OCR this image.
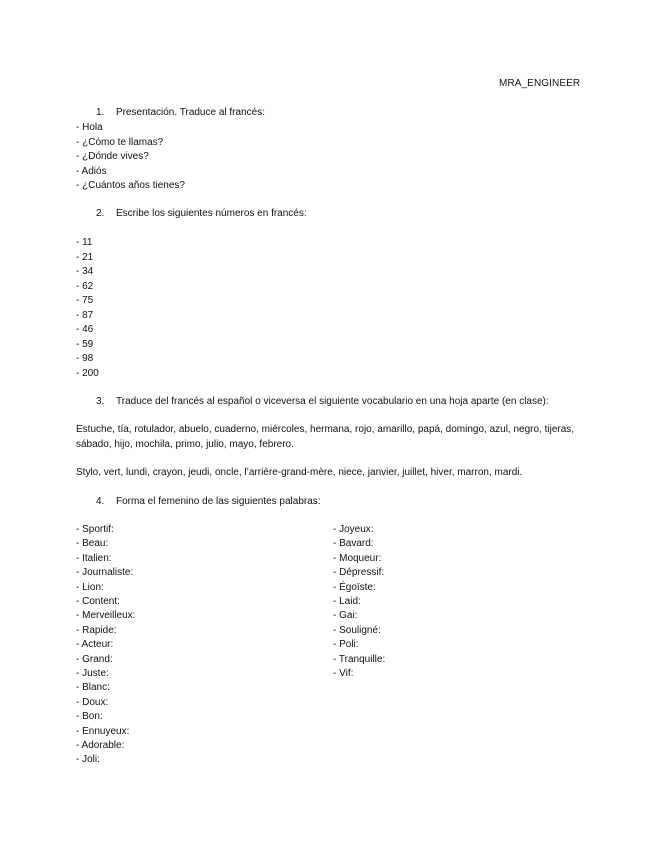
MRA_ENGINEER
1. Presentación. Traduce al francés:
- Hola
- ¿Cómo te llamas?
- ¿Dónde vives?
- Adiós
- ¿Cuántos años tienes?
2. Escribe los siguientes números en francés:
- 11
- 21
- 34
- 62
- 75
- 87
- 46
- 59
- 98
- 200
3. Traduce del francés al español o viceversa el siguiente vocabulario en una hoja aparte (en clase):
Estuche, tía, rotulador, abuelo, cuaderno, miércoles, hermana, rojo, amarillo, papá, domingo, azul, negro, tijeras, sábado, hijo, mochila, primo, julio, mayo, febrero.
Stylo, vert, lundi, crayon, jeudi, oncle, l’arrière-grand-mère, niece, janvier, juillet, hiver, marron, mardi.
4. Forma el femenino de las siguientes palabras:
- Sportif:
- Beau:
- Italien:
- Journaliste:
- Lion:
- Content:
- Merveilleux:
- Rapide:
- Acteur:
- Grand:
- Juste:
- Blanc:
- Doux:
- Bon:
- Ennuyeux:
- Adorable:
- Joli:
- Joyeux:
- Bavard:
- Moqueur:
- Dépressif:
- Égoïste:
- Laid:
- Gai:
- Souligné:
- Poli:
- Tranquille:
- Vif:
